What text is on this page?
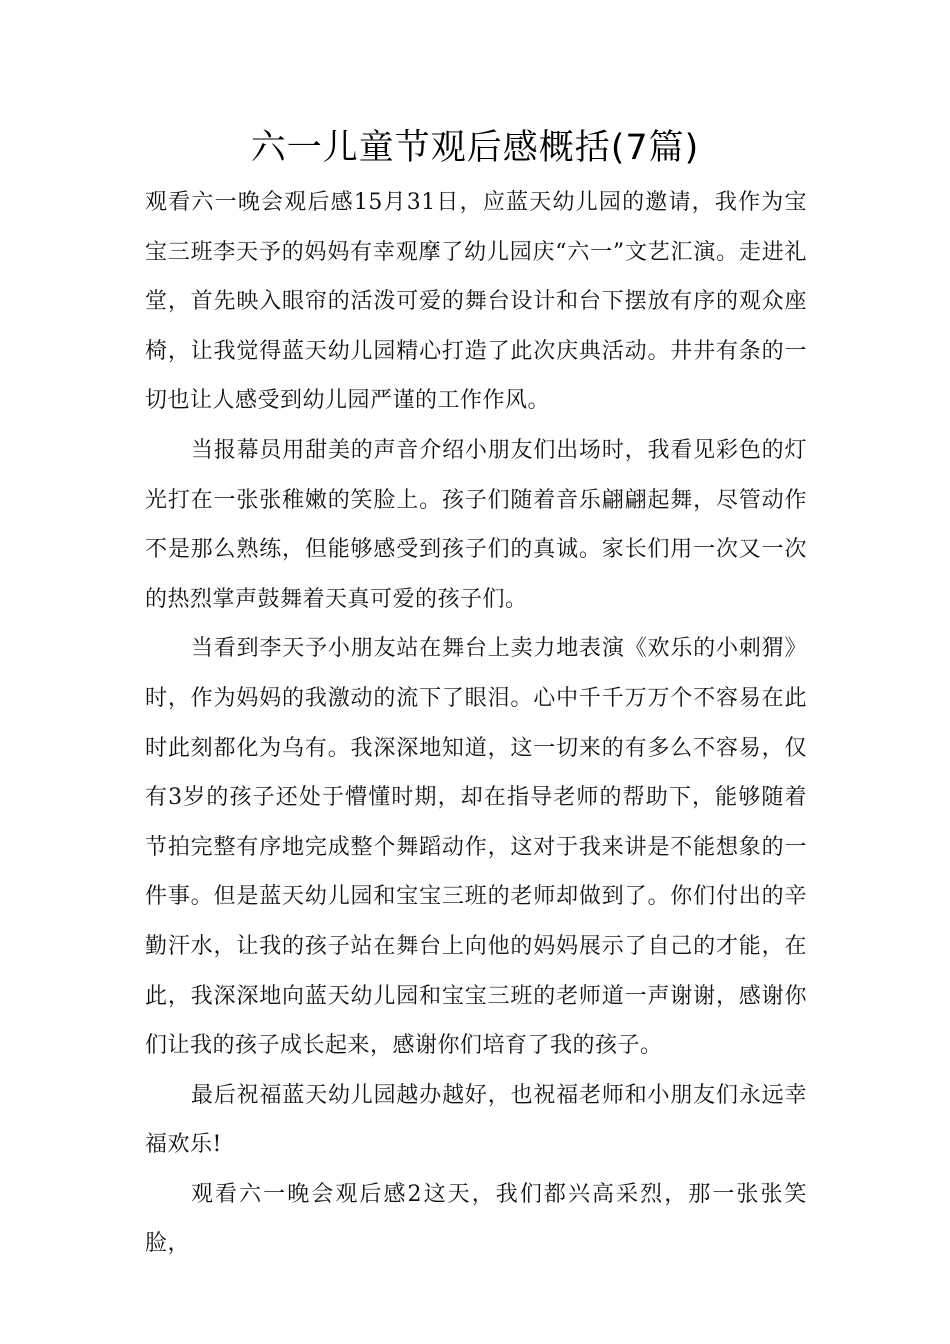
六一儿童节观后感概括(7篇)

观看六一晚会观后感15月31日，应蓝天幼儿园的邀请，我作为宝宝三班李天予的妈妈有幸观摩了幼儿园庆“六一”文艺汇演。走进礼堂，首先映入眼帘的活泼可爱的舞台设计和台下摆放有序的观众座椅，让我觉得蓝天幼儿园精心打造了此次庆典活动。井井有条的一切也让人感受到幼儿园严谨的工作作风。

当报幕员用甜美的声音介绍小朋友们出场时，我看见彩色的灯光打在一张张稚嫩的笑脸上。孩子们随着音乐翩翩起舞，尽管动作不是那么熟练，但能够感受到孩子们的真诚。家长们用一次又一次的热烈掌声鼓舞着天真可爱的孩子们。

当看到李天予小朋友站在舞台上卖力地表演《欢乐的小刺猬》时，作为妈妈的我激动的流下了眼泪。心中千千万万个不容易在此时此刻都化为乌有。我深深地知道，这一切来的有多么不容易，仅有3岁的孩子还处于懵懂时期，却在指导老师的帮助下，能够随着节拍完整有序地完成整个舞蹈动作，这对于我来讲是不能想象的一件事。但是蓝天幼儿园和宝宝三班的老师却做到了。你们付出的辛勤汗水，让我的孩子站在舞台上向他的妈妈展示了自己的才能，在此，我深深地向蓝天幼儿园和宝宝三班的老师道一声谢谢，感谢你们让我的孩子成长起来，感谢你们培育了我的孩子。

最后祝福蓝天幼儿园越办越好，也祝福老师和小朋友们永远幸福欢乐!

观看六一晚会观后感2这天，我们都兴高采烈，那一张张笑脸，
